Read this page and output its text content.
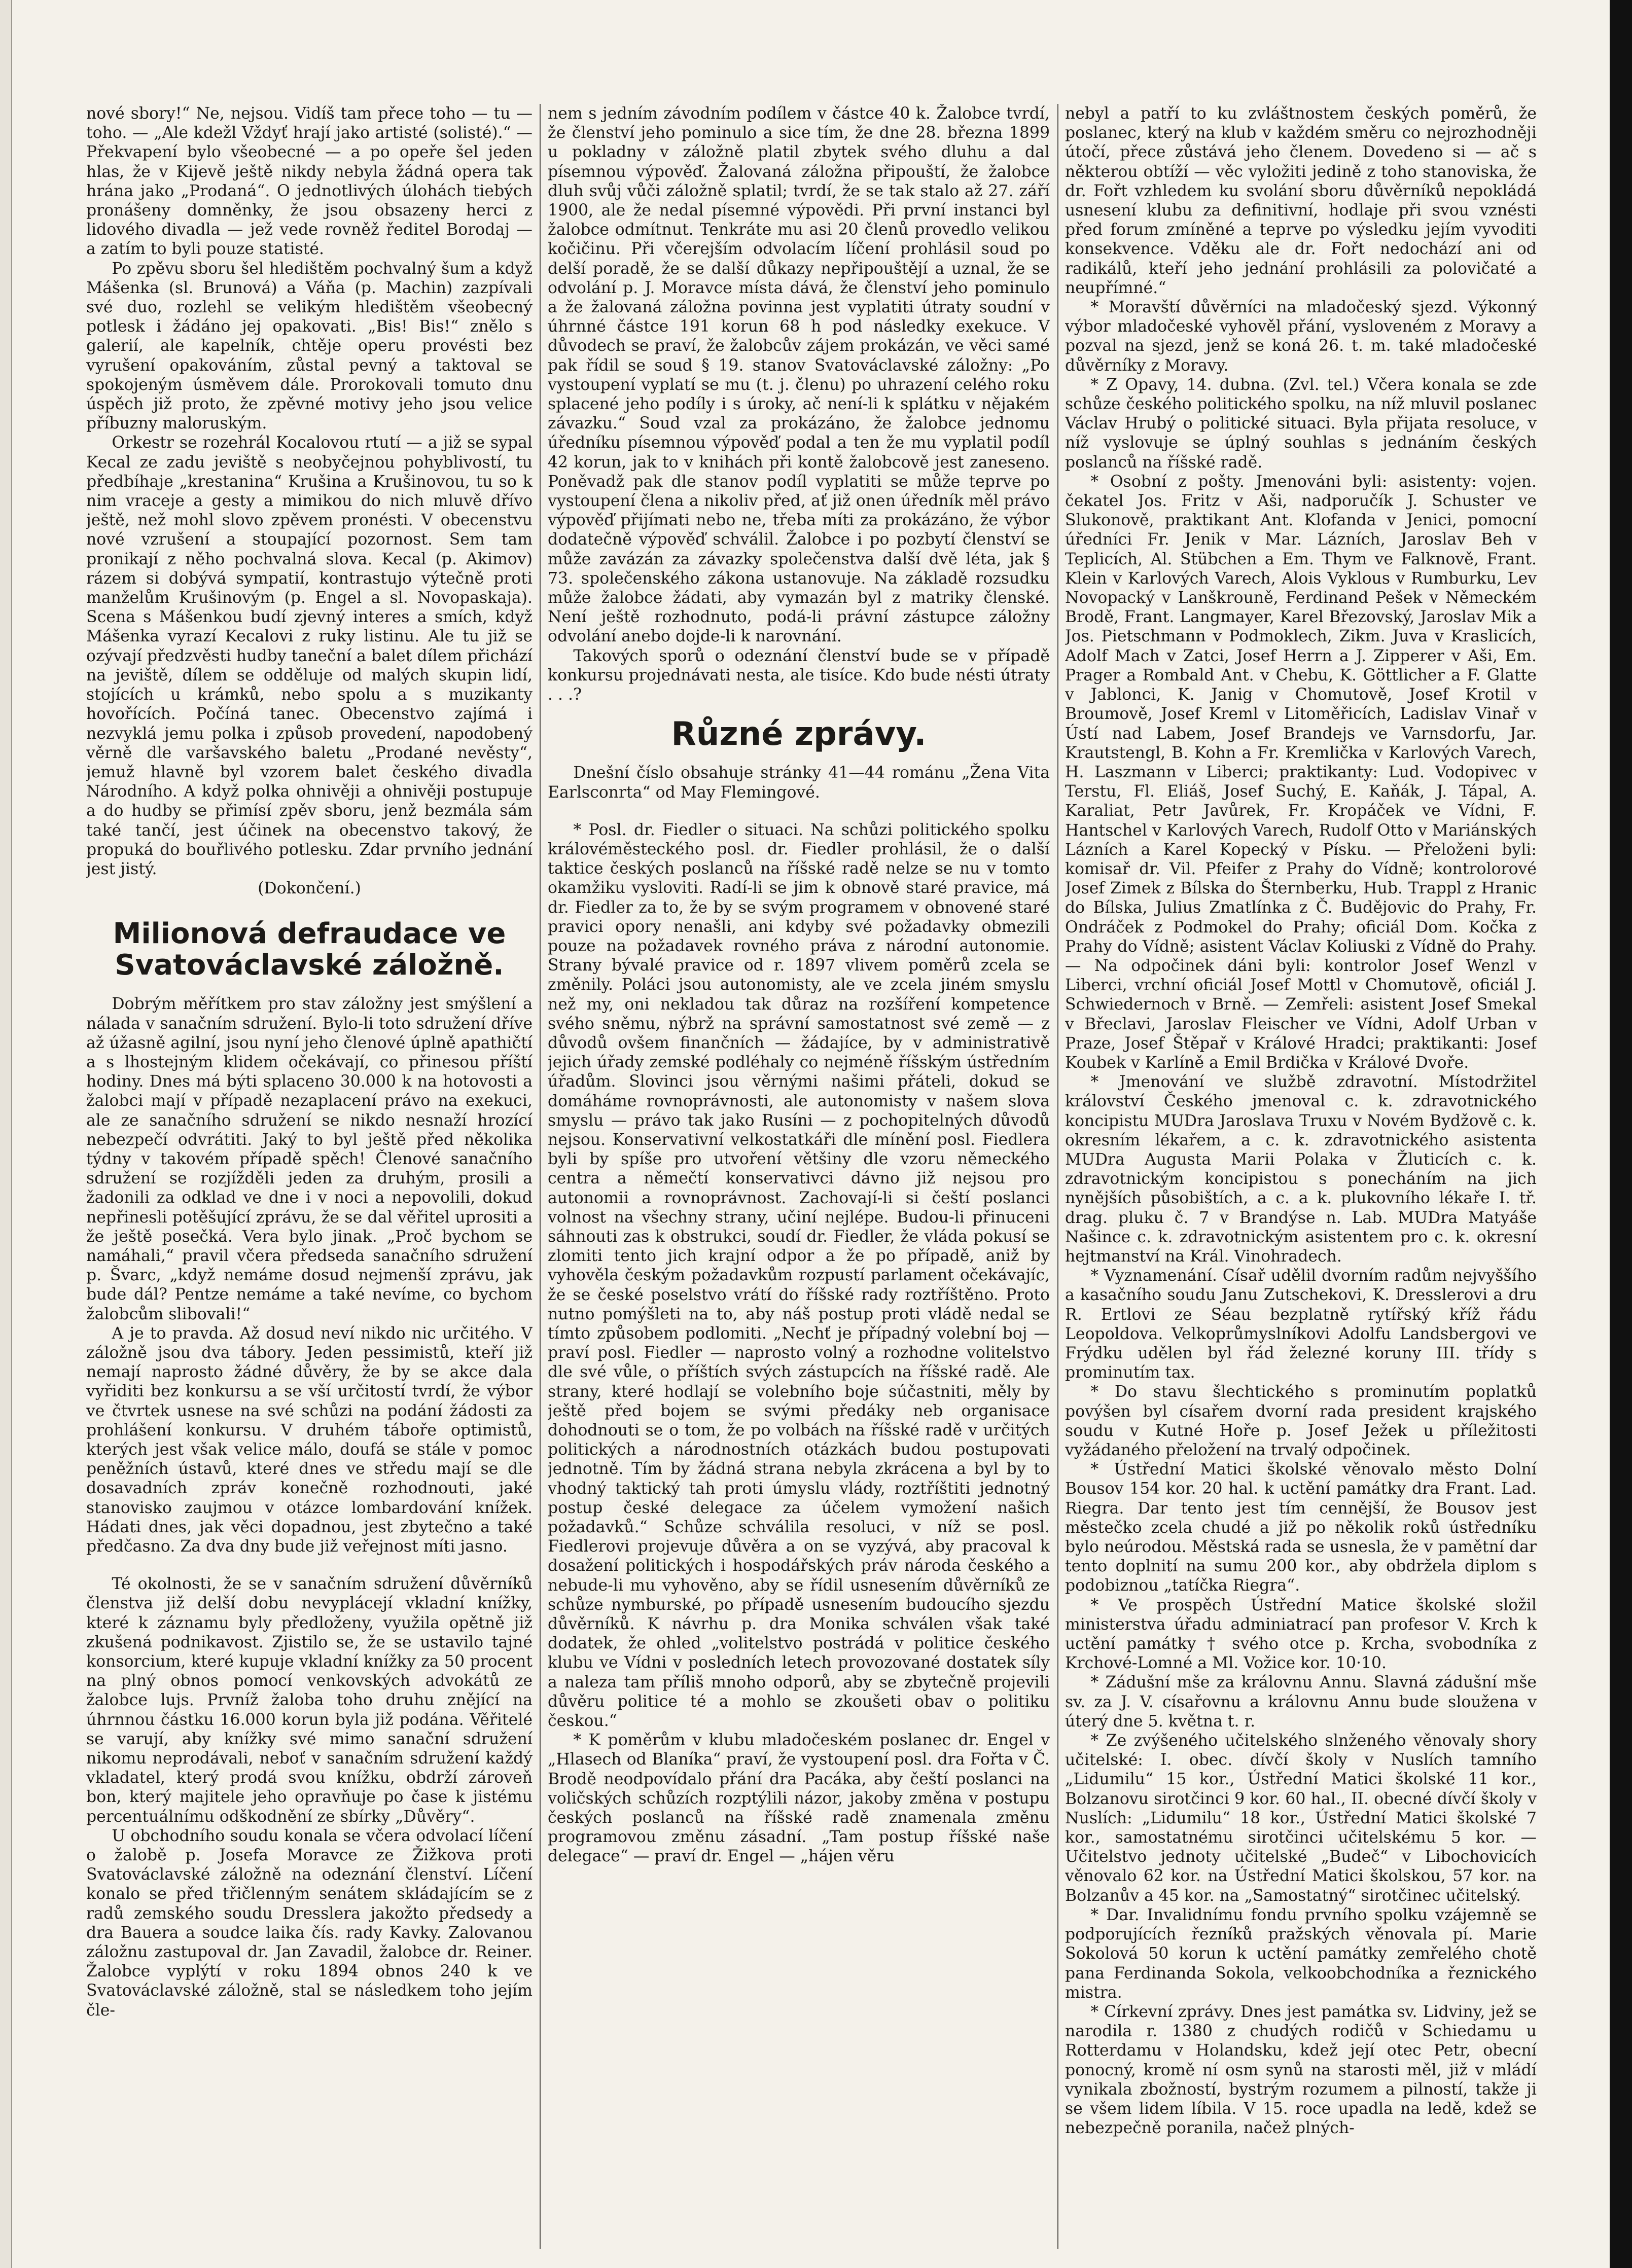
nové sbory!“ Ne, nejsou. Vidíš tam přece toho — tu — toho. — „Ale kdežl Vždyť hrají jako artisté (solisté).“ — Překvapení bylo všeobecné — a po opeře šel jeden hlas, že v Kijevě ještě nikdy nebyla žádná opera tak hrána jako „Prodaná“. O jednotlivých úlohách tiebých pronášeny domněnky, že jsou obsazeny herci z lidového divadla — jež vede rovněž ředitel Borodaj — a zatím to byli pouze statisté.

Po zpěvu sboru šel hledištěm pochvalný šum a když Mášenka (sl. Brunová) a Váňa (p. Machin) zazpívali své duo, rozlehl se velikým hledištěm všeobecný potlesk i žádáno jej opakovati. „Bis! Bis!“ znělo s galerií, ale kapelník, chtěje operu provésti bez vyrušení opakováním, zůstal pevný a taktoval se spokojeným úsměvem dále. Prorokovali tomuto dnu úspěch již proto, že zpěvné motivy jeho jsou velice příbuzny maloruským.

Orkestr se rozehrál Kocalovou rtutí — a již se sypal Kecal ze zadu jeviště s neobyčejnou pohyblivostí, tu předbíhaje „krestanina“ Krušina a Krušinovou, tu so k nim vraceje a gesty a mimikou do nich mluvě dřívo ještě, než mohl slovo zpěvem pronésti. V obecenstvu nové vzrušení a stoupající pozornost. Sem tam pronikají z něho pochvalná slova. Kecal (p. Akimov) rázem si dobývá sympatií, kontrastujo výtečně proti manželům Krušinovým (p. Engel a sl. Novopaskaja). Scena s Mášenkou budí zjevný interes a smích, když Mášenka vyrazí Kecalovi z ruky listinu. Ale tu již se ozývají předzvěsti hudby taneční a balet dílem přichází na jeviště, dílem se odděluje od malých skupin lidí, stojících u krámků, nebo spolu a s muzikanty hovořících. Počíná tanec. Obecenstvo zajímá i nezvyklá jemu polka i způsob provedení, napodobený věrně dle varšavského baletu „Prodané nevěsty“, jemuž hlavně byl vzorem balet českého divadla Národního. A když polka ohnivěji a ohnivěji postupuje a do hudby se přimísí zpěv sboru, jenž bezmála sám také tančí, jest účinek na obecenstvo takový, že propuká do bouřlivého potlesku. Zdar prvního jednání jest jistý.

(Dokončení.)

Milionová defraudace ve Svatováclavské záložně.

Dobrým měřítkem pro stav záložny jest smýšlení a nálada v sanačním sdružení. Bylo-li toto sdružení dříve až úžasně agilní, jsou nyní jeho členové úplně apathičtí a s lhostejným klidem očekávají, co přinesou příští hodiny. Dnes má býti splaceno 30.000 k na hotovosti a žalobci mají v případě nezaplacení právo na exekuci, ale ze sanačního sdružení se nikdo nesnaží hrozící nebezpečí odvrátiti. Jaký to byl ještě před několika týdny v takovém případě spěch! Členové sanačního sdružení se rozjížděli jeden za druhým, prosili a žadonili za odklad ve dne i v noci a nepovolili, dokud nepřinesli potěšující zprávu, že se dal věřitel uprositi a že ještě posečká. Vera bylo jinak. „Proč bychom se namáhali,“ pravil včera předseda sanačního sdružení p. Švarc, „když nemáme dosud nejmenší zprávu, jak bude dál? Pentze nemáme a také nevíme, co bychom žalobcům slibovali!“

A je to pravda. Až dosud neví nikdo nic určitého. V záložně jsou dva tábory. Jeden pessimistů, kteří již nemají naprosto žádné důvěry, že by se akce dala vyřiditi bez konkursu a se vší určitostí tvrdí, že výbor ve čtvrtek usnese na své schůzi na podání žádosti za prohlášení konkursu. V druhém táboře optimistů, kterých jest však velice málo, doufá se stále v pomoc peněžních ústavů, které dnes ve středu mají se dle dosavadních zpráv konečně rozhodnouti, jaké stanovisko zaujmou v otázce lombardování knížek. Hádati dnes, jak věci dopadnou, jest zbytečno a také předčasno. Za dva dny bude již veřejnost míti jasno.

Té okolnosti, že se v sanačním sdružení důvěrníků členstva již delší dobu nevyplácejí vkladní knížky, které k záznamu byly předloženy, využila opětně již zkušená podnikavost. Zjistilo se, že se ustavilo tajné konsorcium, které kupuje vkladní knížky za 50 procent na plný obnos pomocí venkovských advokátů ze žalobce lujs. Prvníž žaloba toho druhu znějící na úhrnnou částku 16.000 korun byla již podána. Věřitelé se varují, aby knížky své mimo sanační sdružení nikomu neprodávali, neboť v sanačním sdružení každý vkladatel, který prodá svou knížku, obdrží zároveň bon, který majitele jeho opravňuje po čase k jistému percentuálnímu odškodnění ze sbírky „Důvěry“.

U obchodního soudu konala se včera odvolací líčení o žalobě p. Josefa Moravce ze Žižkova proti Svatováclavské záložně na odeznání členství. Líčení konalo se před třičlenným senátem skládajícím se z radů zemského soudu Dresslera jakožto předsedy a dra Bauera a soudce laika čís. rady Kavky. Zalovanou záložnu zastupoval dr. Jan Zavadil, žalobce dr. Reiner. Žalobce vyplýtí v roku 1894 obnos 240 k ve Svatováclavské záložně, stal se následkem toho jejím čle-

nem s jedním závodním podílem v částce 40 k. Žalobce tvrdí, že členství jeho pominulo a sice tím, že dne 28. března 1899 u pokladny v záložně platil zbytek svého dluhu a dal písemnou výpověď. Žalovaná záložna připouští, že žalobce dluh svůj vůči záložně splatil; tvrdí, že se tak stalo až 27. září 1900, ale že nedal písemné výpovědi. Při první instanci byl žalobce odmítnut. Tenkráte mu asi 20 členů provedlo velikou kočičinu. Při včerejším odvolacím líčení prohlásil soud po delší poradě, že se další důkazy nepřipouštějí a uznal, že se odvolání p. J. Moravce místa dává, že členství jeho pominulo a že žalovaná záložna povinna jest vyplatiti útraty soudní v úhrnné částce 191 korun 68 h pod následky exekuce. V důvodech se praví, že žalobcův zájem prokázán, ve věci samé pak řídil se soud § 19. stanov Svatováclavské záložny: „Po vystoupení vyplatí se mu (t. j. členu) po uhrazení celého roku splacené jeho podíly i s úroky, ač není-li k splátku v nějakém závazku.“ Soud vzal za prokázáno, že žalobce jednomu úředníku písemnou výpověď podal a ten že mu vyplatil podíl 42 korun, jak to v knihách při kontě žalobcově jest zaneseno. Poněvadž pak dle stanov podíl vyplatiti se může teprve po vystoupení člena a nikoliv před, ať již onen úředník měl právo výpověď přijímati nebo ne, třeba míti za prokázáno, že výbor dodatečně výpověď schválil. Žalobce i po pozbytí členství se může zavázán za závazky společenstva další dvě léta, jak § 73. společenského zákona ustanovuje. Na základě rozsudku může žalobce žádati, aby vymazán byl z matriky členské. Není ještě rozhodnuto, podá-li právní zástupce záložny odvolání anebo dojde-li k narovnání.

Takových sporů o odeznání členství bude se v případě konkursu projednávati nesta, ale tisíce. Kdo bude nésti útraty . . .?

Různé zprávy.

Dnešní číslo obsahuje stránky 41—44 románu „Žena Vita Earlsconrta“ od May Flemingové.

* Posl. dr. Fiedler o situaci. Na schůzi politického spolku královéměsteckého posl. dr. Fiedler prohlásil, že o další taktice českých poslanců na říšské radě nelze se nu v tomto okamžiku vysloviti. Radí-li se jim k obnově staré pravice, má dr. Fiedler za to, že by se svým programem v obnovené staré pravici opory nenašli, ani kdyby své požadavky obmezili pouze na požadavek rovného práva z národní autonomie. Strany bývalé pravice od r. 1897 vlivem poměrů zcela se změnily. Poláci jsou autonomisty, ale ve zcela jiném smyslu než my, oni nekladou tak důraz na rozšíření kompetence svého sněmu, nýbrž na správní samostatnost své země — z důvodů ovšem finančních — žádajíce, by v administrativě jejich úřady zemské podléhaly co nejméně říšským ústředním úřadům. Slovinci jsou věrnými našimi přáteli, dokud se domáháme rovnoprávnosti, ale autonomisty v našem slova smyslu — právo tak jako Rusíni — z pochopitelných důvodů nejsou. Konservativní velkostatkáři dle mínění posl. Fiedlera byli by spíše pro utvoření většiny dle vzoru německého centra a němečtí konservativci dávno již nejsou pro autonomii a rovnoprávnost. Zachovají-li si čeští poslanci volnost na všechny strany, učiní nejlépe. Budou-li přinuceni sáhnouti zas k obstrukci, soudí dr. Fiedler, že vláda pokusí se zlomiti tento jich krajní odpor a že po případě, aniž by vyhověla českým požadavkům rozpustí parlament očekávajíc, že se české poselstvo vrátí do říšské rady roztříštěno. Proto nutno pomýšleti na to, aby náš postup proti vládě nedal se tímto způsobem podlomiti. „Nechť je případný volební boj — praví posl. Fiedler — naprosto volný a rozhodne volitelstvo dle své vůle, o příštích svých zástupcích na říšské radě. Ale strany, které hodlají se volebního boje súčastniti, měly by ještě před bojem se svými předáky neb organisace dohodnouti se o tom, že po volbách na říšské radě v určitých politických a národnostních otázkách budou postupovati jednotně. Tím by žádná strana nebyla zkrácena a byl by to vhodný taktický tah proti úmyslu vlády, roztříštiti jednotný postup české delegace za účelem vymožení našich požadavků.“ Schůze schválila resoluci, v níž se posl. Fiedlerovi projevuje důvěra a on se vyzývá, aby pracoval k dosažení politických i hospodářských práv národa českého a nebude-li mu vyhověno, aby se řídil usnesením důvěrníků ze schůze nymburské, po případě usnesením budoucího sjezdu důvěrníků. K návrhu p. dra Monika schválen však také dodatek, že ohled „volitelstvo postrádá v politice českého klubu ve Vídni v posledních letech provozované dostatek síly a naleza tam příliš mnoho odporů, aby se zbytečně projevili důvěru politice té a mohlo se zkoušeti obav o politiku českou.“

* K poměrům v klubu mladočeském poslanec dr. Engel v „Hlasech od Blaníka“ praví, že vystoupení posl. dra Fořta v Č. Brodě neodpovídalo přání dra Pacáka, aby čeští poslanci na voličských schůzích rozptýlili názor, jakoby změna v postupu českých poslanců na říšské radě znamenala změnu programovou změnu zásadní. „Tam postup říšské naše delegace“ — praví dr. Engel — „hájen věru

nebyl a patří to ku zvláštnostem českých poměrů, že poslanec, který na klub v každém směru co nejrozhodněji útočí, přece zůstává jeho členem. Dovedeno si — ač s některou obtíží — věc vyložiti jedině z toho stanoviska, že dr. Fořt vzhledem ku svolání sboru důvěrníků nepokládá usnesení klubu za definitivní, hodlaje při svou vznésti před forum zmíněné a teprve po výsledku jejím vyvoditi konsekvence. Vděku ale dr. Fořt nedochází ani od radikálů, kteří jeho jednání prohlásili za polovičaté a neupřímné.“

* Moravští důvěrníci na mladočeský sjezd. Výkonný výbor mladočeské vyhověl přání, vysloveném z Moravy a pozval na sjezd, jenž se koná 26. t. m. také mladočeské důvěrníky z Moravy.

* Z Opavy, 14. dubna. (Zvl. tel.) Včera konala se zde schůze českého politického spolku, na níž mluvil poslanec Václav Hrubý o politické situaci. Byla přijata resoluce, v níž vyslovuje se úplný souhlas s jednáním českých poslanců na říšské radě.

* Osobní z pošty. Jmenováni byli: asistenty: vojen. čekatel Jos. Fritz v Aši, nadporučík J. Schuster ve Slukonově, praktikant Ant. Klofanda v Jenici, pomocní úředníci Fr. Jenik v Mar. Lázních, Jaroslav Beh v Teplicích, Al. Stübchen a Em. Thym ve Falknově, Frant. Klein v Karlových Varech, Alois Vyklous v Rumburku, Lev Novopacký v Lanškrouně, Ferdinand Pešek v Německém Brodě, Frant. Langmayer, Karel Březovský, Jaroslav Mik a Jos. Pietschmann v Podmoklech, Zikm. Juva v Kraslicích, Adolf Mach v Zatci, Josef Herrn a J. Zipperer v Aši, Em. Prager a Rombald Ant. v Chebu, K. Göttlicher a F. Glatte v Jablonci, K. Janig v Chomutově, Josef Krotil v Broumově, Josef Kreml v Litoměřicích, Ladislav Vinař v Ústí nad Labem, Josef Brandejs ve Varnsdorfu, Jar. Krautstengl, B. Kohn a Fr. Kremlička v Karlových Varech, H. Laszmann v Liberci; praktikanty: Lud. Vodopivec v Terstu, Fl. Eliáš, Josef Suchý, E. Kaňák, J. Tápal, A. Karaliat, Petr Javůrek, Fr. Kropáček ve Vídni, F. Hantschel v Karlových Varech, Rudolf Otto v Mariánských Lázních a Karel Kopecký v Písku. — Přeloženi byli: komisař dr. Vil. Pfeifer z Prahy do Vídně; kontrolorové Josef Zimek z Bílska do Šternberku, Hub. Trappl z Hranic do Bílska, Julius Zmatlínka z Č. Budějovic do Prahy, Fr. Ondráček z Podmokel do Prahy; oficiál Dom. Kočka z Prahy do Vídně; asistent Václav Koliuski z Vídně do Prahy. — Na odpočinek dáni byli: kontrolor Josef Wenzl v Liberci, vrchní oficiál Josef Mottl v Chomutově, oficiál J. Schwiedernoch v Brně. — Zemřeli: asistent Josef Smekal v Břeclavi, Jaroslav Fleischer ve Vídni, Adolf Urban v Praze, Josef Štěpař v Králové Hradci; praktikanti: Josef Koubek v Karlíně a Emil Brdička v Králové Dvoře.

* Jmenování ve službě zdravotní. Místodržitel království Českého jmenoval c. k. zdravotnického koncipistu MUDra Jaroslava Truxu v Novém Bydžově c. k. okresním lékařem, a c. k. zdravotnického asistenta MUDra Augusta Marii Polaka v Žluticích c. k. zdravotnickým koncipistou s ponecháním na jich nynějších působištích, a c. a k. plukovního lékaře I. tř. drag. pluku č. 7 v Brandýse n. Lab. MUDra Matyáše Našince c. k. zdravotnickým asistentem pro c. k. okresní hejtmanství na Král. Vinohradech.

* Vyznamenání. Císař udělil dvorním radům nejvyššího a kasačního soudu Janu Zutschekovi, K. Dresslerovi a dru R. Ertlovi ze Séau bezplatně rytířský kříž řádu Leopoldova. Velkoprůmyslníkovi Adolfu Landsbergovi ve Frýdku udělen byl řád železné koruny III. třídy s prominutím tax.

* Do stavu šlechtického s prominutím poplatků povýšen byl císařem dvorní rada president krajského soudu v Kutné Hoře p. Josef Ježek u příležitosti vyžádaného přeložení na trvalý odpočinek.

* Ústřední Matici školské věnovalo město Dolní Bousov 154 kor. 20 hal. k uctění památky dra Frant. Lad. Riegra. Dar tento jest tím cennější, že Bousov jest městečko zcela chudé a již po několik roků ústředníku bylo neúrodou. Městská rada se usnesla, že v pamětní dar tento doplnití na sumu 200 kor., aby obdržela diplom s podobiznou „tatíčka Riegra“.

* Ve prospěch Ústřední Matice školské složil ministerstva úřadu adminiatrací pan profesor V. Krch k uctění památky † svého otce p. Krcha, svobodníka z Krchové-Lomné a Ml. Vožice kor. 10·10.

* Zádušní mše za královnu Annu. Slavná zádušní mše sv. za J. V. císařovnu a královnu Annu bude sloužena v úterý dne 5. května t. r.

* Ze zvýšeného učitelského slnženého věnovaly shory učitelské: I. obec. dívčí školy v Nuslích tamního „Lidumilu“ 15 kor., Ústřední Matici školské 11 kor., Bolzanovu sirotčinci 9 kor. 60 hal., II. obecné dívčí školy v Nuslích: „Lidumilu“ 18 kor., Ústřední Matici školské 7 kor., samostatnému sirotčinci učitelskému 5 kor. — Učitelstvo jednoty učitelské „Budeč“ v Libochovicích věnovalo 62 kor. na Ústřední Matici školskou, 57 kor. na Bolzanův a 45 kor. na „Samostatný“ sirotčinec učitelský.

* Dar. Invalidnímu fondu prvního spolku vzájemně se podporujících řezníků pražských věnovala pí. Marie Sokolová 50 korun k uctění památky zemřelého chotě pana Ferdinanda Sokola, velkoobchodníka a řeznického mistra.

* Církevní zprávy. Dnes jest památka sv. Lidviny, jež se narodila r. 1380 z chudých rodičů v Schiedamu u Rotterdamu v Holandsku, kdež její otec Petr, obecní ponocný, kromě ní osm synů na starosti měl, již v mládí vynikala zbožností, bystrým rozumem a pilností, takže ji se všem lidem líbila. V 15. roce upadla na ledě, kdež se nebezpečně poranila, načež plných-
